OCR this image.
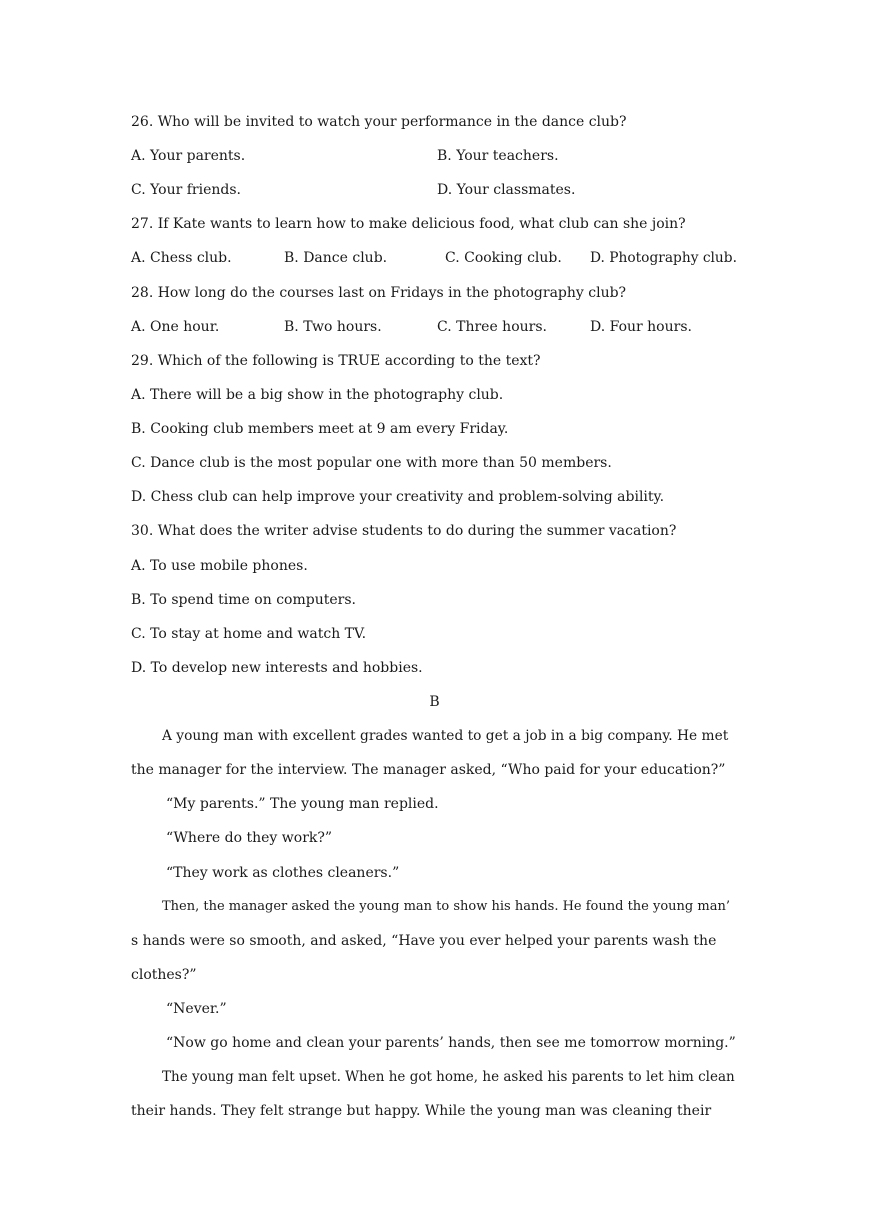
26. Who will be invited to watch your performance in the dance club?
A. Your parents.	B. Your teachers.
C. Your friends.	D. Your classmates.
27. If Kate wants to learn how to make delicious food, what club can she join?
A. Chess club.	B. Dance club.	C. Cooking club. D. Photography club.
28. How long do the courses last on Fridays in the photography club?
A. One hour.	B. Two hours.	C. Three hours.	D. Four hours.
29. Which of the following is TRUE according to the text?
A. There will be a big show in the photography club.
B. Cooking club members meet at 9 am every Friday.
C. Dance club is the most popular one with more than 50 members.
D. Chess club can help improve your creativity and problem-solving ability.
30. What does the writer advise students to do during the summer vacation?
A. To use mobile phones.
B. To spend time on computers.
C. To stay at home and watch TV.
D. To develop new interests and hobbies.
B
A young man with excellent grades wanted to get a job in a big company. He met
the manager for the interview. The manager asked, “Who paid for your education?”
“My parents.” The young man replied.
“Where do they work?”
“They work as clothes cleaners.”
Then, the manager asked the young man to show his hands. He found the young man’
s hands were so smooth, and asked, “Have you ever helped your parents wash the
clothes?”
“Never.”
“Now go home and clean your parents’ hands, then see me tomorrow morning.”
The young man felt upset. When he got home, he asked his parents to let him clean
their hands. They felt strange but happy. While the young man was cleaning their
